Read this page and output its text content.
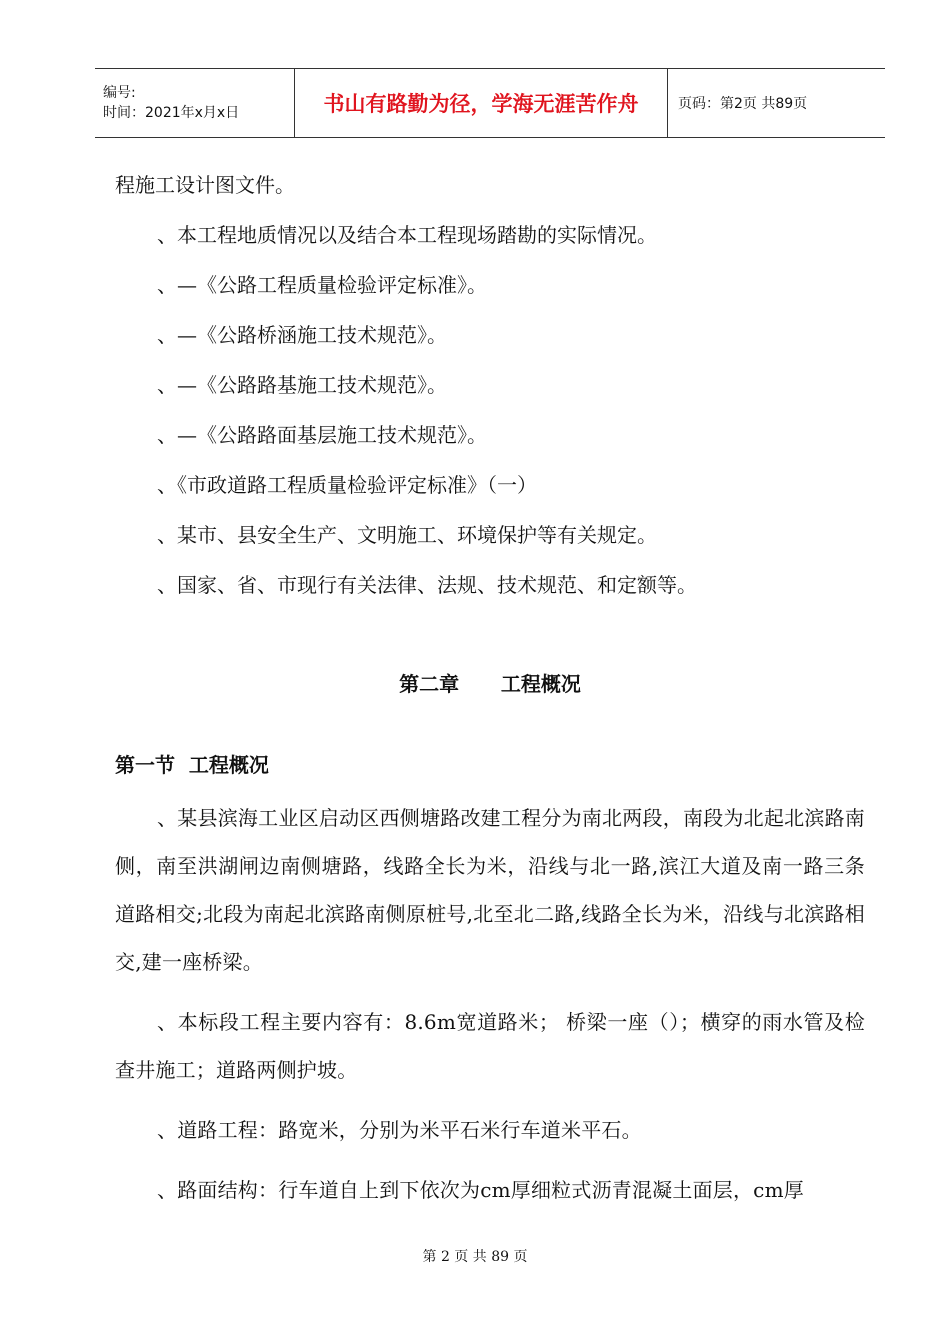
编号:
时间：2021年x月x日	书山有路勤为径，学海无涯苦作舟	页码：第2页 共89页

程施工设计图文件。

、本工程地质情况以及结合本工程现场踏勘的实际情况。

、—《公路工程质量检验评定标准》。

、—《公路桥涵施工技术规范》。

、—《公路路基施工技术规范》。

、—《公路路面基层施工技术规范》。

、《市政道路工程质量检验评定标准》（一）

、某市、县安全生产、文明施工、环境保护等有关规定。

、国家、省、市现行有关法律、法规、技术规范、和定额等。

第二章      工程概况
第一节  工程概况

、某县滨海工业区启动区西侧塘路改建工程分为南北两段，南段为北起北滨路南侧，南至洪湖闸边南侧塘路，线路全长为米，沿线与北一路,滨江大道及南一路三条道路相交;北段为南起北滨路南侧原桩号,北至北二路,线路全长为米，沿线与北滨路相交,建一座桥梁。

、本标段工程主要内容有：8.6m宽道路米； 桥梁一座（）；横穿的雨水管及检查井施工；道路两侧护坡。

、道路工程：路宽米，分别为米平石米行车道米平石。

、路面结构：行车道自上到下依次为cm厚细粒式沥青混凝土面层，cm厚

第 2 页 共 89 页
